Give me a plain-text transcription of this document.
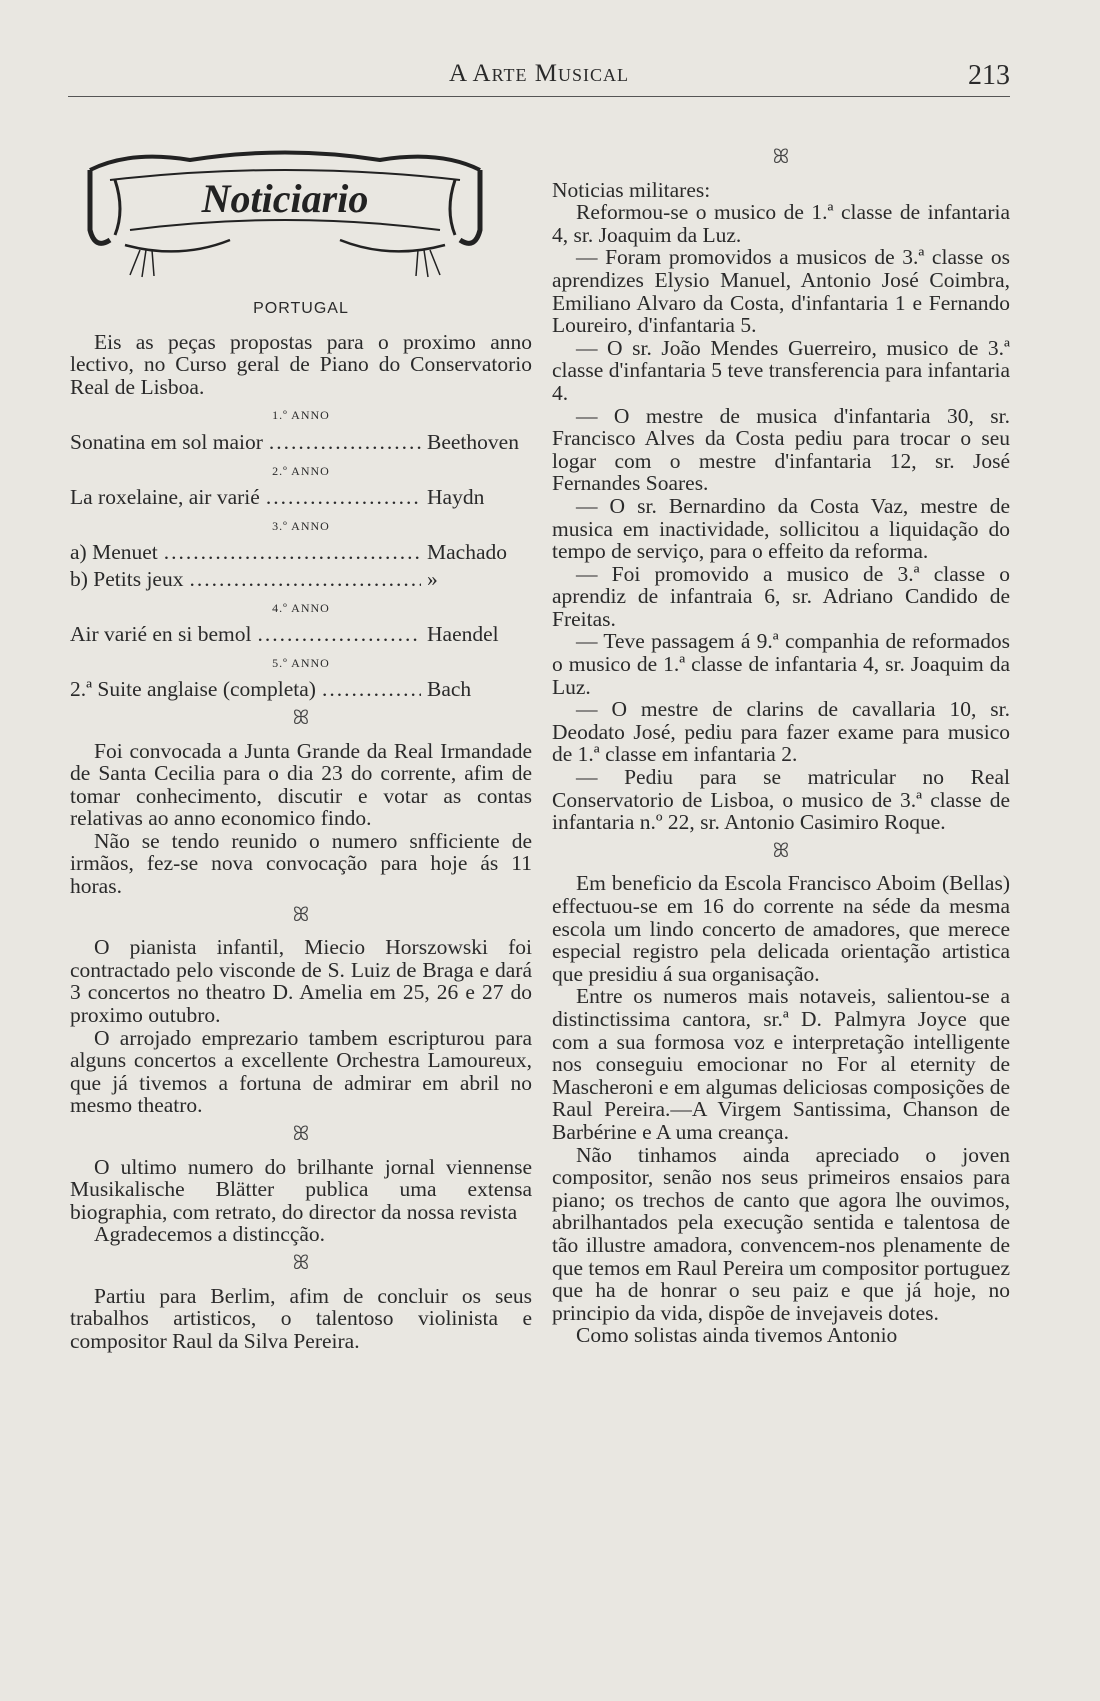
A Arte Musical	213
Noticiario
PORTUGAL

Eis as peças propostas para o proximo anno lectivo, no Curso geral de Piano do Conservatorio Real de Lisboa.

1.º ANNO
Sonatina em sol maior .....	Beethoven
2.º ANNO
La roxelaine, air varié .....	Haydn
3.º ANNO
a) Menuet .....	Machado
b) Petits jeux .....	»
4.º ANNO
Air varié en si bemol .....	Haendel
5.º ANNO
2.ª Suite anglaise (completa) .....	Bach
ꕤ

Foi convocada a Junta Grande da Real Irmandade de Santa Cecilia para o dia 23 do corrente, afim de tomar conhecimento, discutir e votar as contas relativas ao anno economico findo.

Não se tendo reunido o numero snfficiente de irmãos, fez-se nova convocação para hoje ás 11 horas.

ꕤ

O pianista infantil, Miecio Horszowski foi contractado pelo visconde de S. Luiz de Braga e dará 3 concertos no theatro D. Amelia em 25, 26 e 27 do proximo outubro.

O arrojado emprezario tambem escripturou para alguns concertos a excellente Orchestra Lamoureux, que já tivemos a fortuna de admirar em abril no mesmo theatro.

ꕤ

O ultimo numero do brilhante jornal viennense Musikalische Blätter publica uma extensa biographia, com retrato, do director da nossa revista

Agradecemos a distincção.

ꕤ

Partiu para Berlim, afim de concluir os seus trabalhos artisticos, o talentoso violinista e compositor Raul da Silva Pereira.

ꕤ

Noticias militares:

Reformou-se o musico de 1.ª classe de infantaria 4, sr. Joaquim da Luz.

— Foram promovidos a musicos de 3.ª classe os aprendizes Elysio Manuel, Antonio José Coimbra, Emiliano Alvaro da Costa, d'infantaria 1 e Fernando Loureiro, d'infantaria 5.

— O sr. João Mendes Guerreiro, musico de 3.ª classe d'infantaria 5 teve transferencia para infantaria 4.

— O mestre de musica d'infantaria 30, sr. Francisco Alves da Costa pediu para trocar o seu logar com o mestre d'infantaria 12, sr. José Fernandes Soares.

— O sr. Bernardino da Costa Vaz, mestre de musica em inactividade, sollicitou a liquidação do tempo de serviço, para o effeito da reforma.

— Foi promovido a musico de 3.ª classe o aprendiz de infantraia 6, sr. Adriano Candido de Freitas.

— Teve passagem á 9.ª companhia de reformados o musico de 1.ª classe de infantaria 4, sr. Joaquim da Luz.

— O mestre de clarins de cavallaria 10, sr. Deodato José, pediu para fazer exame para musico de 1.ª classe em infantaria 2.

— Pediu para se matricular no Real Conservatorio de Lisboa, o musico de 3.ª classe de infantaria n.º 22, sr. Antonio Casimiro Roque.

ꕤ

Em beneficio da Escola Francisco Aboim (Bellas) effectuou-se em 16 do corrente na séde da mesma escola um lindo concerto de amadores, que merece especial registro pela delicada orientação artistica que presidiu á sua organisação.

Entre os numeros mais notaveis, salientou-se a distinctissima cantora, sr.ª D. Palmyra Joyce que com a sua formosa voz e interpretação intelligente nos conseguiu emocionar no For al eternity de Mascheroni e em algumas deliciosas composições de Raul Pereira.—A Virgem Santissima, Chanson de Barbérine e A uma creança.

Não tinhamos ainda apreciado o joven compositor, senão nos seus primeiros ensaios para piano; os trechos de canto que agora lhe ouvimos, abrilhantados pela execução sentida e talentosa de tão illustre amadora, convencem-nos plenamente de que temos em Raul Pereira um compositor portuguez que ha de honrar o seu paiz e que já hoje, no principio da vida, dispõe de invejaveis dotes.

Como solistas ainda tivemos Antonio
